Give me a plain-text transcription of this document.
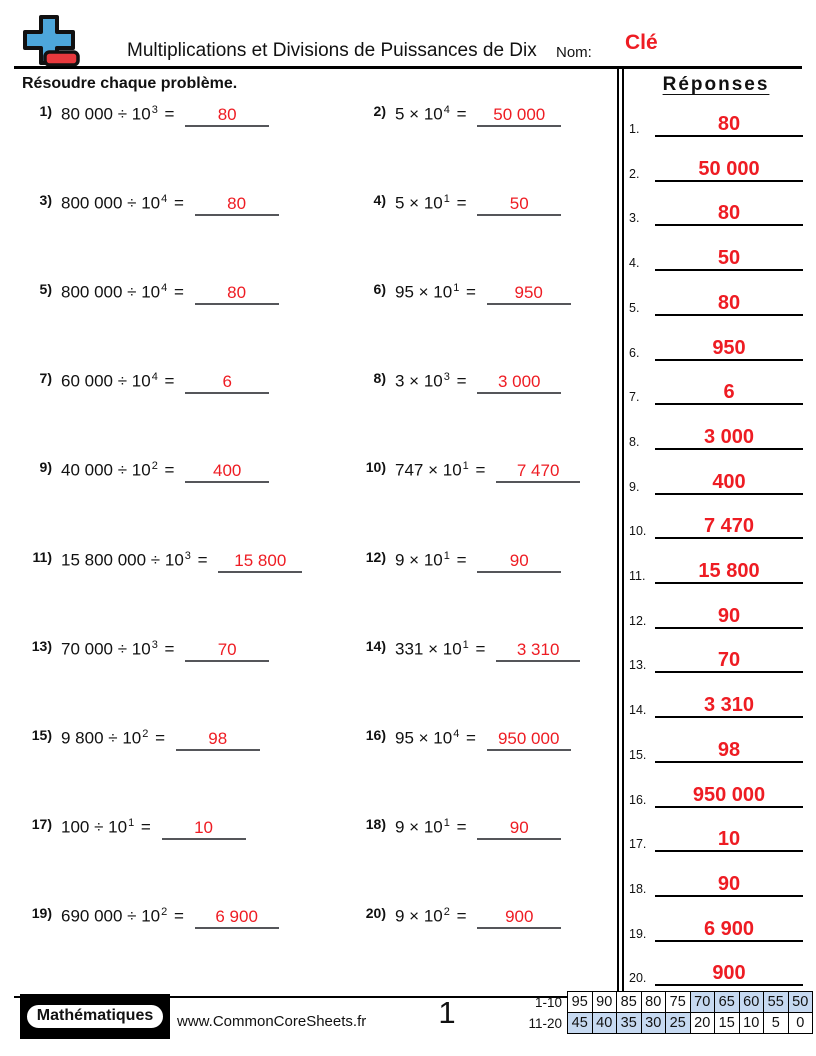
Multiplications et Divisions de Puissances de Dix Nom: Clé
Résoudre chaque problème.	Réponses
1.	80
2.	50 000
3.	80
4.	50
5.	80
6.	950
7.	6
8.	3 000
9.	400
10.	7 470
11.	15 800
12.	90
13.	70
14.	3 310
15.	98
16.	950 000
17.	10
18.	90
19.	6 900
20.	900
1) 80 $000 \div 10^3 = 80$	2) $5 \times 10^4 = 50$ 000
3) 800 $000 \div 10^4 = 80$	4) $5 \times 10^1 = 50$
5) 800 $000 \div 10^4 = 80$	6) $95 \times 10^1 = 950$
7) 60 $000 \div 10^4$ =	6	8) $3 \times 10^3 = 3$ 000
9) 40 $000 \div 10^2 = 400$	10) $747 \times 10^1 = 7$ 470
11) 15 800 $000 \div 10^3 = 15$ 800	12) $9 \times 10^1 = 90$
13) 70 $000 \div 10^3 = 70$	14) $331 \times 10^1 = 3$ 310
15) 9 $800 \div 10^2 = 98$	16) $95 \times 10^4 = 950$ 000
17) $100 \div 10^1 = 10$	18) $9 \times 10^1 = 90$
19) 690 $000 \div 10^2 = 6$ 900	20) $9 \times 10^2 = 900$
Mathématiques	www.CommonCoreSheets.fr	1	1-10	95	90	85	80	75	70	65	60	55	50
11-20	45	40	35	30	25	20	15	10	5	0
